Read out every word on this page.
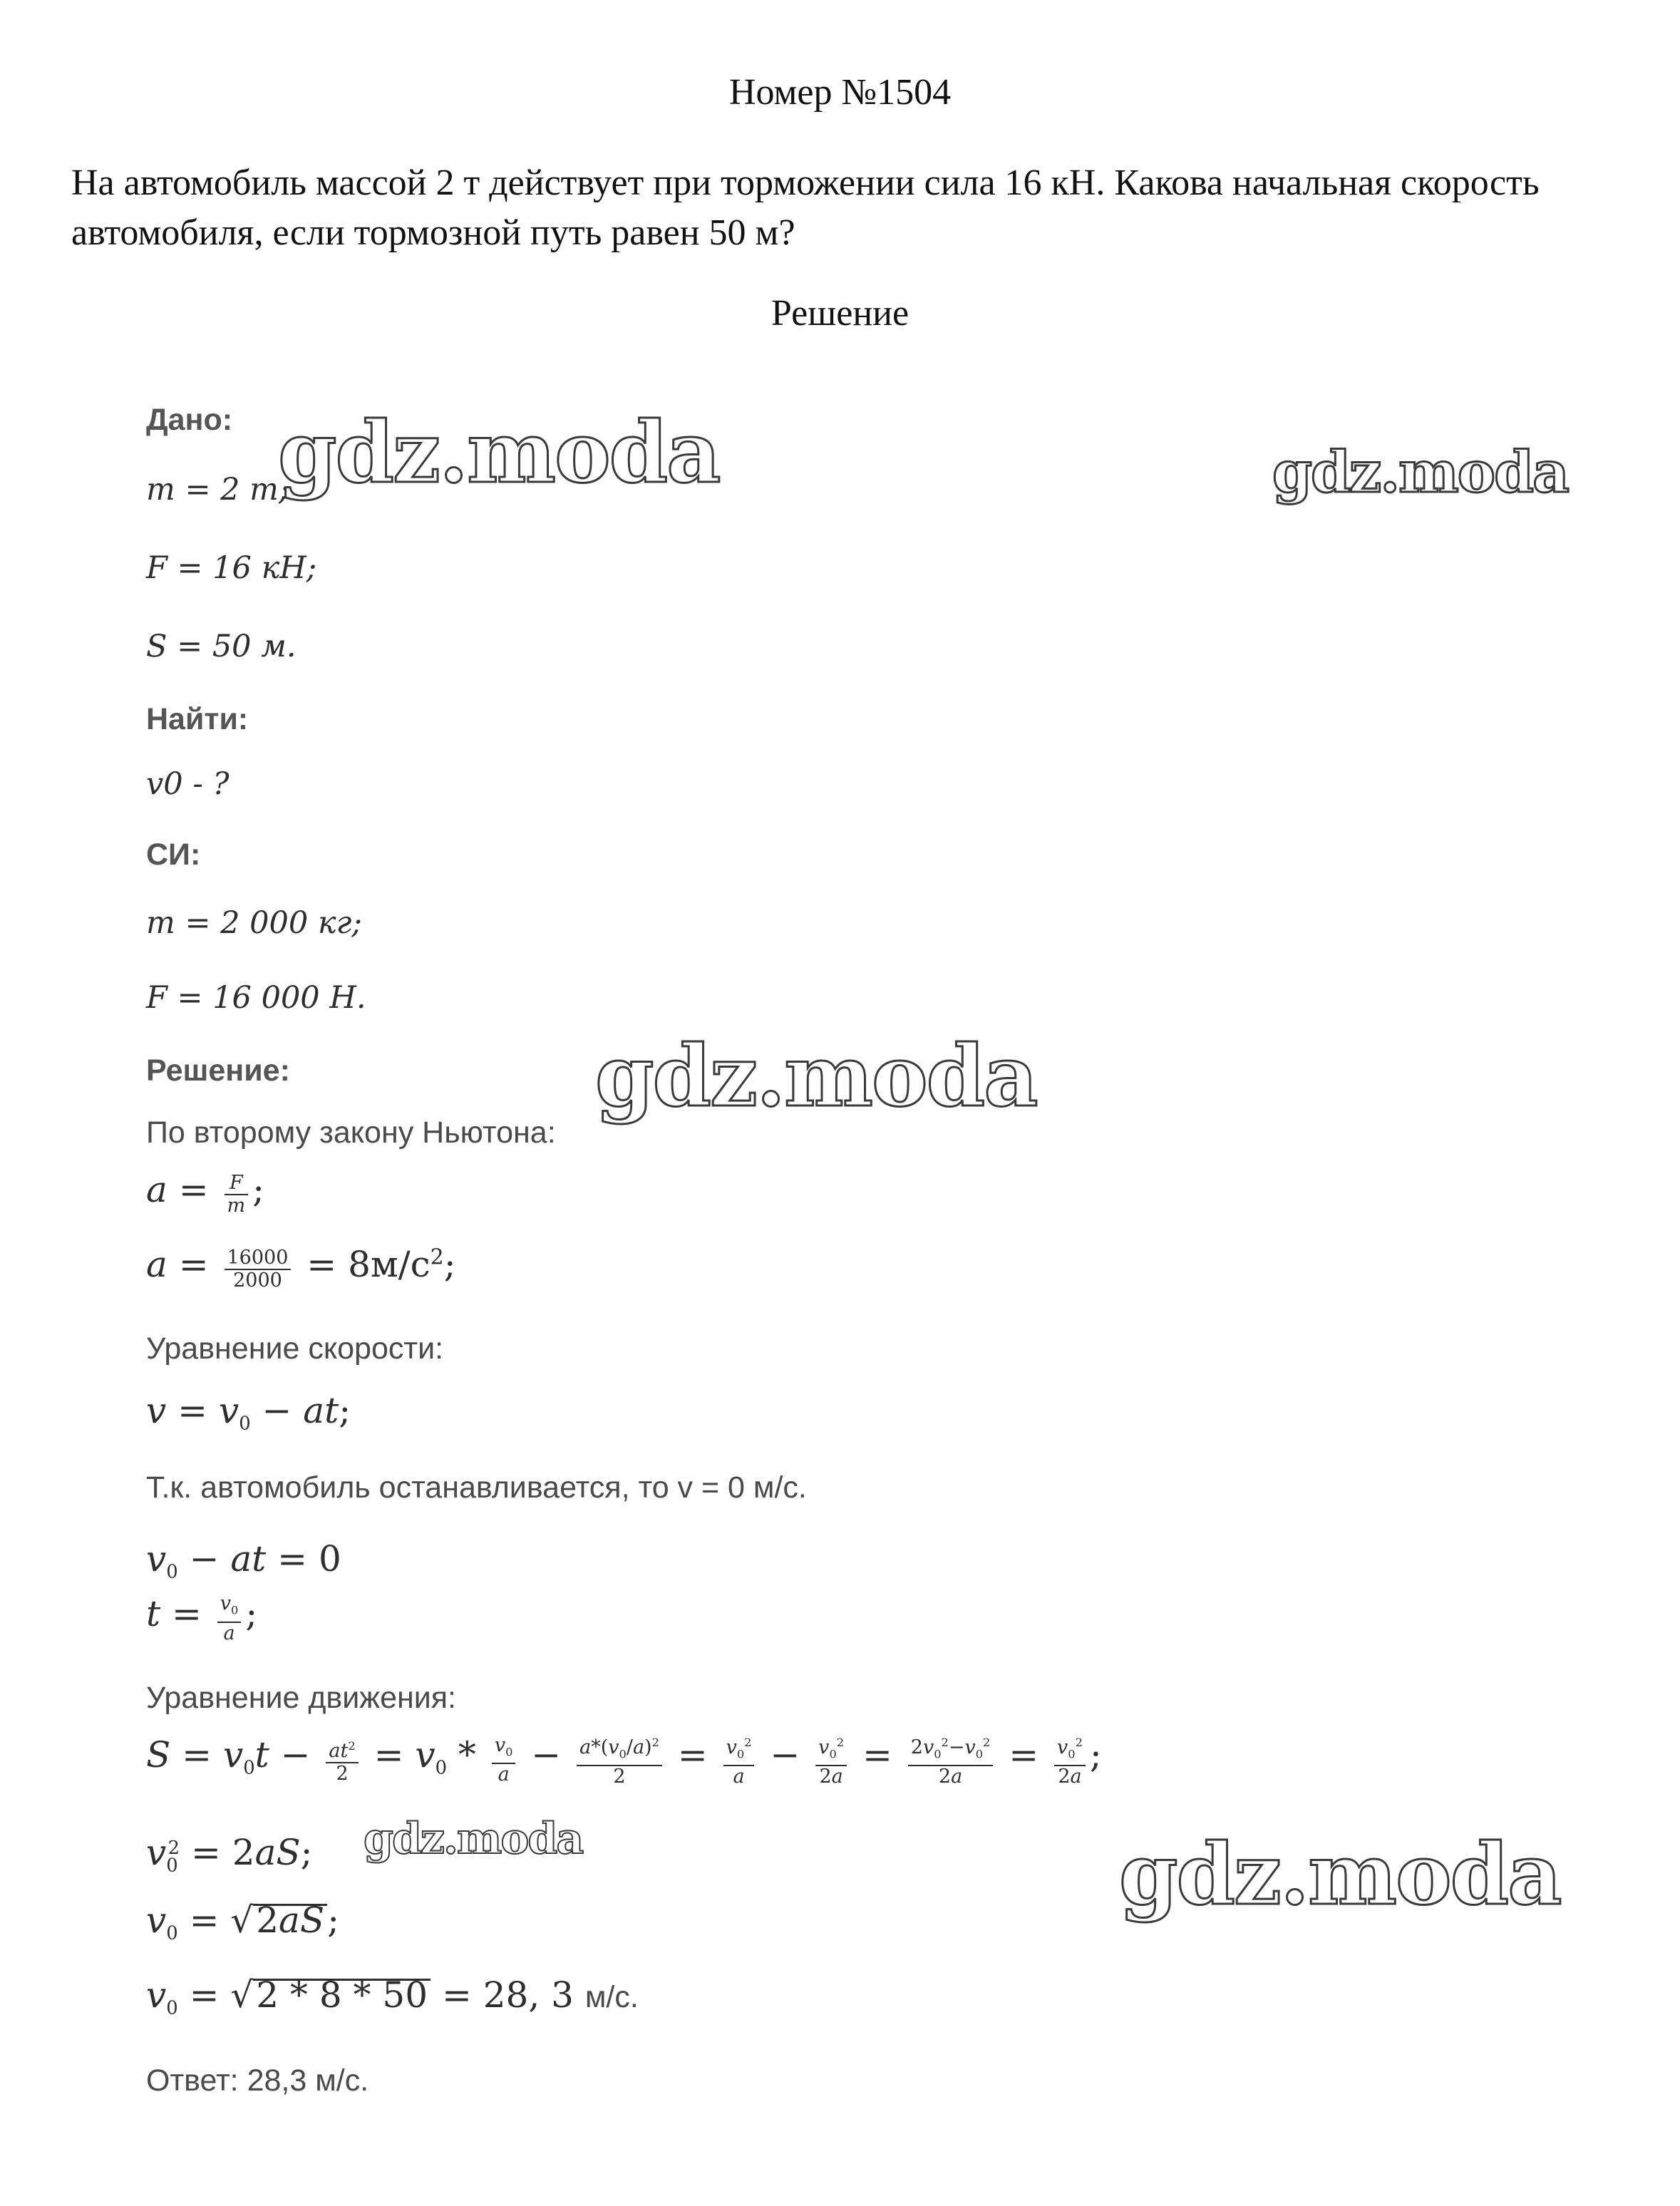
Номер №1504
На автомобиль массой 2 т действует при торможении сила 16 кН. Какова начальная скорость автомобиля, если тормозной путь равен 50 м?
Решение
Дано:
m = 2 т;
F = 16 кН;
S = 50 м.
Найти:
v0 - ?
СИ:
m = 2 000 кг;
F = 16 000 Н.
Решение:
По второму закону Ньютона:
$a = \frac{F}{m}$ ;
$a = \frac{16000}{2000} = 8м/с^2$;
Уравнение скорости:
$v = v_0$ − at;
Т.к. автомобиль останавливается, то v = 0 м/с.
$v_0$ − at = 0
$t = \frac{v_0}{a}$ ;
Уравнение движения:
$S = v_0t - \frac{at^2}{2} = v_0 * \frac{v_0}{a} - \frac{a*(v_0/a)^2}{2} = \frac{v_0^2}{a} - \frac{v_0^2}{2a} = \frac{2v_0^2-v_0^2}{2a} = \frac{v_0^2}{2a}$ ;
$v_0^2 = 2aS$;
$v_0 = √2aS$;
$v_0 = √2 * 8 * 50 = 28$, 3 м/с.
Ответ: 28,3 м/с.
gdz.moda	gdz.moda
gdz.moda
gdz.moda	gdz.moda
